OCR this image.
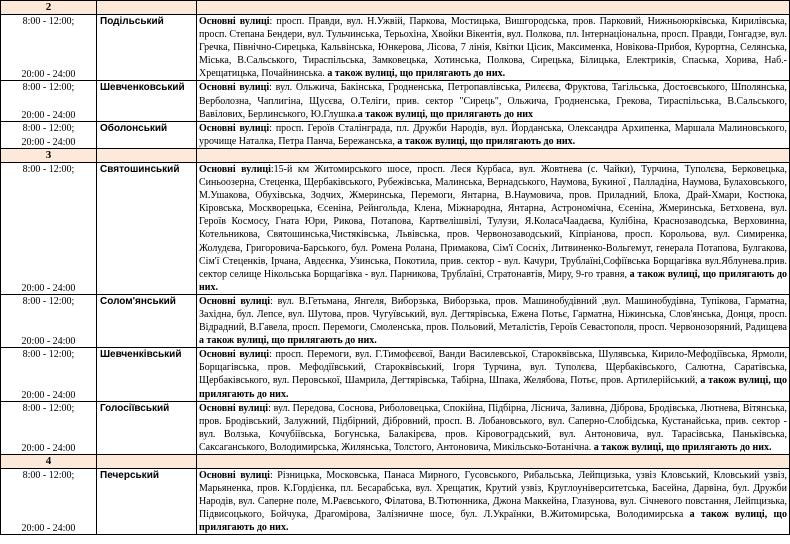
2		

8:00 - 12:00;
20:00 - 24:00	Подільський	Основні вулиці: просп. Правди, вул. Н.Ужвій, Паркова, Мостицька, Вишгородська, пров. Парковий, Нижньоюрківська, Кирилівська, просп. Степана Бендери, вул. Тульчинська, Терьохіна, Хвойки Вікентія, вул. Полкова, пл. Інтернаціональна, просп. Правди, Гонгадзе, вул. Гречка, Північно-Сирецька, Кальвінська, Юнкерова, Лісова, 7 лінія, Квітки Цісик, Максименка, Новікова-Прибоя, Курортна, Селянська, Міська, В.Сальського, Тираспільська, Замковецька, Хотинська, Полкова, Сирецька, Білицька, Електриків, Спаська, Хорива, Наб.-Хрещатицька, Почайнинська. а також вулиці, що прилягають до них.

8:00 - 12:00;
20:00 - 24:00	Шевченковський	Основні вулиці: вул. Ольжича, Бакінська, Гродненська, Петропавлівська, Рилєєва, Фруктова, Тагільська, Достоєвського, Шполянська, Верболозна, Чаплигіна, Щусєва, О.Теліги, прив. сектор "Сирець", Ольжича, Гродненська, Грекова, Тираспільська, В.Сальського, Вавілових, Берлинського, Ю.Глушка.а також вулиці, що прилягають до них

8:00 - 12:00;
20:00 - 24:00	Оболонський	Основні вулиці: просп. Героїв Сталінграда, пл. Дружби Народів, вул. Йорданська, Олександра Архипенка, Маршала Малиновського, урочище Наталка, Петра Панча, Бережанська, а також вулиці, що прилягають до них.
3		

8:00 - 12:00;
20:00 - 24:00	Святошинський	Основні вулиці:15-й км Житомирського шосе, просп. Леся Курбаса, вул. Жовтнева (с. Чайки), Турчина, Туполєва, Берковецька, Синьоозерна, Стеценка, Щербаківського, Рубежівська, Малинська, Вернадського, Наумова, Букиної , Палладіна, Наумова, Булаховського, М.Ушакова, Обухівська, Зодчих, Жмеринська, Перемоги, Янтарна, В.Наумовича, пров. Приладний, Блока, Драй-Хмари, Костюка, Кіровська, Москворецька, Єсеніна, Рейнгольда, Клена, Міжнародна, Янтарна, Астрономічна, Єсеніна, Жмеринська, Бетховена, вул. Героїв Космосу, Гната Юри, Рикова, Потапова, Картвелішвілі, Тулузи, Я.КоласаЧаадаєва, Кулібіна, Краснозаводська, Верховинна, Котельникова, Святошинська,Чистяківська, Львівська, пров. Червонозаводський, Кіпріанова, просп. Корольова, вул. Симиренка, Жолудєва, Григоровича-Барського, бул. Ромена Ролана, Примакова, Сім'ї Сосніх, Литвиненко-Вольгемут, генерала Потапова, Булгакова, Сім'ї Стеценків, Ірчана, Авдєєнка, Узинська, Покотила, прив. сектор - вул. Качури, Трублаїні,Софіївська Борщагівка вул.Яблунева.прив. сектор селище Нікольська Борщагівка - вул. Парникова, Трублаїні, Стратонавтів, Миру, 9-го травня, а також вулиці, що прилягають до них.

8:00 - 12:00;
20:00 - 24:00	Солом'янський	Основні вулиці: вул. В.Гетьмана, Янгеля, Виборзька, Виборзька, пров. Машинобудівний ,вул. Машинобудівна, Тупікова, Гарматна, Західна, бул. Лепсе, вул. Шутова, пров. Чугуївський, вул. Дегтярівська, Ежена Потьє, Гарматна, Ніжинська, Слов'янська, Донця, просп. Відрадний, В.Гавела, просп. Перемоги, Смоленська, пров. Польовий, Металістів, Героїв Севастополя, просп. Червонозоряний, Радищева а також вулиці, що прилягають до них.

8:00 - 12:00;
20:00 - 24:00	Шевченківський	Основні вулиці: просп. Перемоги, вул. Г.Тимофєєвої, Ванди Василевської, Староквівська, Шулявська, Кирило-Мефодіївська, Ярмоли, Борщагівська, пров. Мефодіївський, Староквівський, Ігоря Турчина, вул. Туполєва, Щербаківського, Салютна, Саратівська, Щербаківського, вул. Перовської, Шамрила, Дегтярівська, Табірна, Шпака, Желябова, Потьє, пров. Артилерійський, а також вулиці, що прилягають до них.

8:00 - 12:00;
20:00 - 24:00	Голосіївський	Основні вулиці: вул. Передова, Соснова, Риболовецька, Спокійна, Підбірна, Ліснича, Заливна, Діброва, Бродівська, Лютнева, Вітянська, пров. Бродівський, Залужний, Підбірний, Дібровний, просп. В. Лобановського, вул. Саперно-Слобідська, Кустанайська, прив. сектор - вул. Волзька, Кочубіївська, Богунська, Балакірєва, пров. Кіровоградський, вул. Антоновича, вул. Тарасівська, Паньківська, Саксаганського, Володимирська, Жилянська, Толстого, Антоновича, Микільсько-Ботанічна. а також вулиці, що прилягають до них.
4		

8:00 - 12:00;
20:00 - 24:00	Печерський	Основні вулиці: Різницька, Московська, Панаса Мирного, Гусовського, Рибальська, Лейпцизька, узвіз Кловський, Кловський узвіз, Марьяненка, пров. К.Гордієнка, пл. Бесарабська, вул. Хрещатик, Крутий узвіз, Круглоуніверситетська, Басейна, Дарвіна, бул. Дружби Народів, вул. Саперне поле, М.Раєвського, Філатова, В.Тютюнника, Джона Маккейна, Глазунова, вул. Січневого повстання, Лейпцизька, Підвисоцького, Бойчука, Драгомірова, Залізничне шосе, бул. Л.Українки, В.Житомирська, Володимирська а також вулиці, що прилягають до них.
